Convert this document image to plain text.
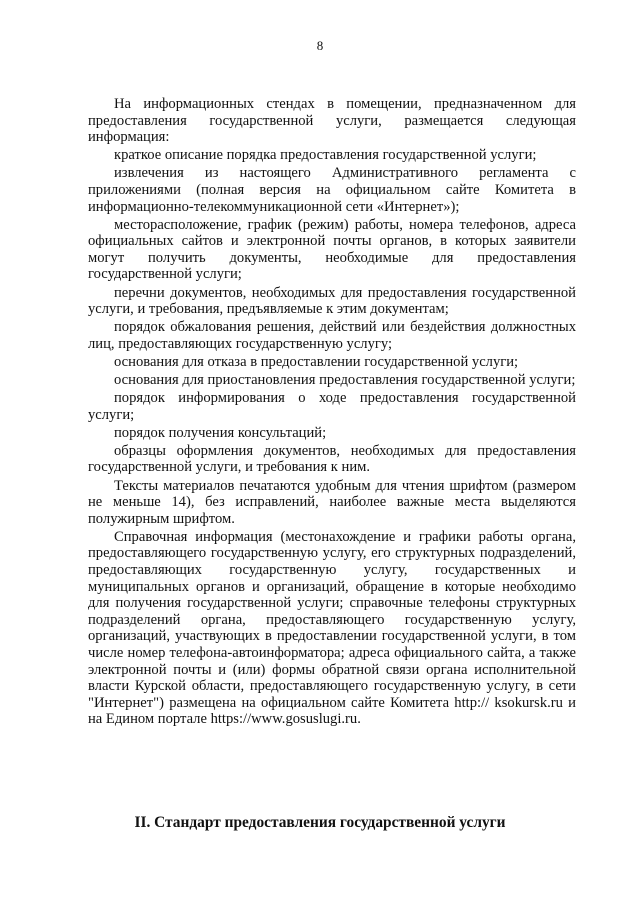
8

На информационных стендах в помещении, предназначенном для предоставления государственной услуги, размещается следующая информация:

краткое описание порядка предоставления государственной услуги;

извлечения из настоящего Административного регламента с приложениями (полная версия на официальном сайте Комитета в информационно-телекоммуникационной сети «Интернет»);

месторасположение, график (режим) работы, номера телефонов, адреса официальных сайтов и электронной почты органов, в которых заявители могут получить документы, необходимые для предоставления государственной услуги;

перечни документов, необходимых для предоставления государственной услуги, и требования, предъявляемые к этим документам;

порядок обжалования решения, действий или бездействия должностных лиц, предоставляющих государственную услугу;

основания для отказа в предоставлении государственной услуги;

основания для приостановления предоставления государственной услуги;

порядок информирования о ходе предоставления государственной услуги;

порядок получения консультаций;

образцы оформления документов, необходимых для предоставления государственной услуги, и требования к ним.

Тексты материалов печатаются удобным для чтения шрифтом (размером не меньше 14), без исправлений, наиболее важные места выделяются полужирным шрифтом.

Справочная информация (местонахождение и графики работы органа, предоставляющего государственную услугу, его структурных подразделений, предоставляющих государственную услугу, государственных и муниципальных органов и организаций, обращение в которые необходимо для получения государственной услуги; справочные телефоны структурных подразделений органа, предоставляющего государственную услугу, организаций, участвующих в предоставлении государственной услуги, в том числе номер телефона-автоинформатора; адреса официального сайта, а также электронной почты и (или) формы обратной связи органа исполнительной власти Курской области, предоставляющего государственную услугу, в сети "Интернет") размещена на официальном сайте Комитета http:// ksokursk.ru и на Едином портале https://www.gosuslugi.ru.

II. Стандарт предоставления государственной услуги
